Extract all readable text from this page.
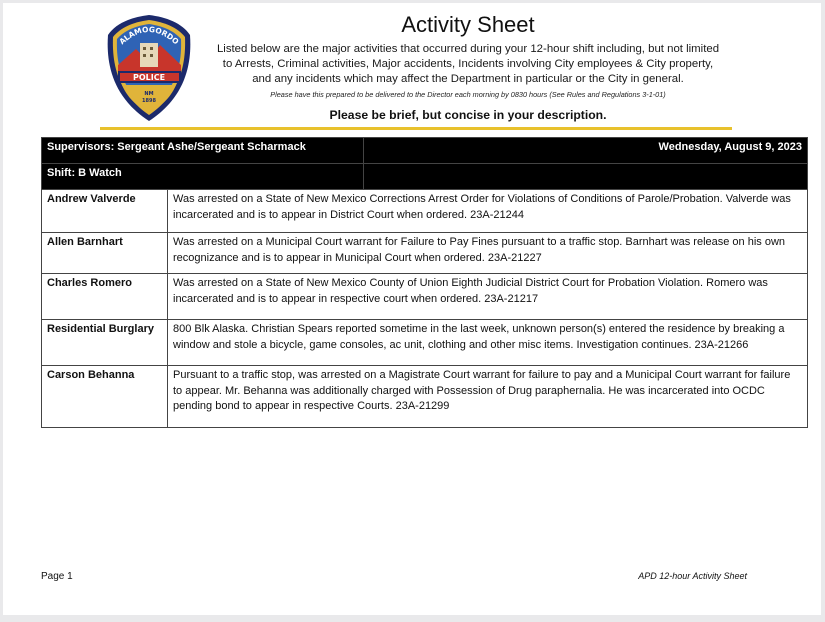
POLICE
ALAMOGORDO
NM
1898
Activity Sheet
Listed below are the major activities that occurred during your 12-hour shift including, but not limited to Arrests, Criminal activities, Major accidents, Incidents involving City employees & City property, and any incidents which may affect the Department in particular or the City in general.
Please have this prepared to be delivered to the Director each morning by 0830 hours (See Rules and Regulations 3-1-01)
Please be brief, but concise in your description.
Supervisors: Sergeant Ashe/Sergeant Scharmack		Wednesday, August 9, 2023
Shift: B Watch		
Andrew Valverde	Was arrested on a State of New Mexico Corrections Arrest Order for Violations of Conditions of Parole/Probation. Valverde was incarcerated and is to appear in District Court when ordered. 23A-21244	
Allen Barnhart	Was arrested on a Municipal Court warrant for Failure to Pay Fines pursuant to a traffic stop. Barnhart was release on his own recognizance and is to appear in Municipal Court when ordered. 23A-21227	
Charles Romero	Was arrested on a State of New Mexico County of Union Eighth Judicial District Court for Probation Violation. Romero was incarcerated and is to appear in respective court when ordered. 23A-21217	
Residential Burglary	800 Blk Alaska. Christian Spears reported sometime in the last week, unknown person(s) entered the residence by breaking a window and stole a bicycle, game consoles, ac unit, clothing and other misc items. Investigation continues. 23A-21266	
Carson Behanna	Pursuant to a traffic stop, was arrested on a Magistrate Court warrant for failure to pay and a Municipal Court warrant for failure to appear. Mr. Behanna was additionally charged with Possession of Drug paraphernalia. He was incarcerated into OCDC pending bond to appear in respective Courts. 23A-21299	
Page 1	APD 12-hour Activity Sheet
